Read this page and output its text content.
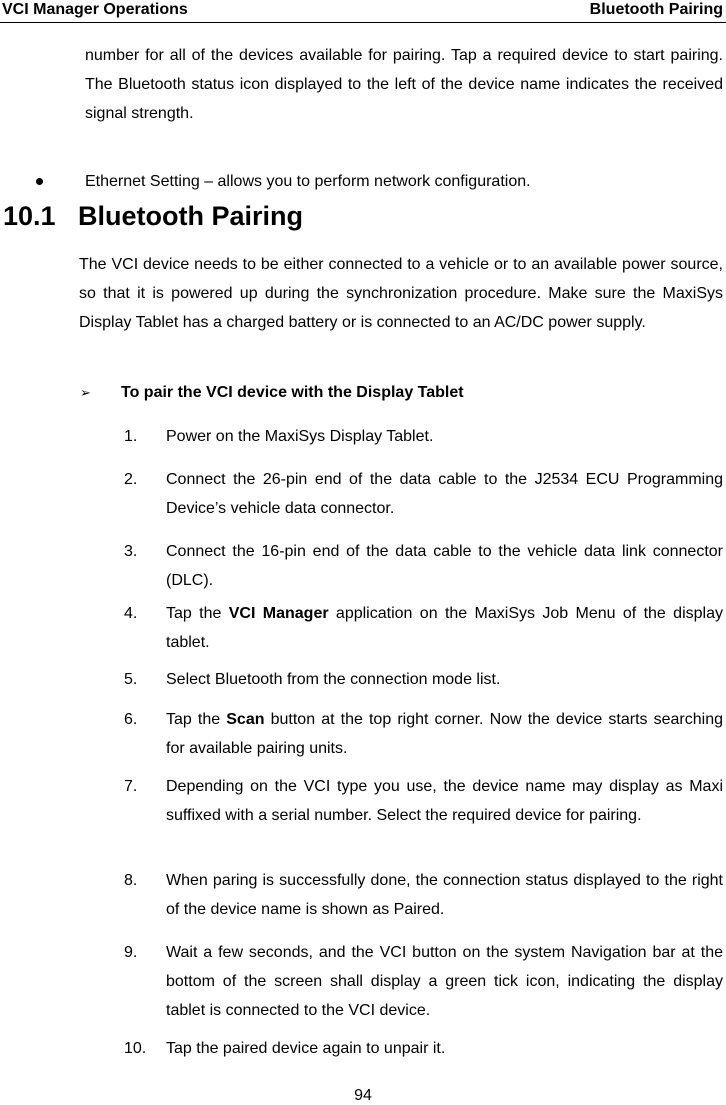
VCI Manager Operations	Bluetooth Pairing
number for all of the devices available for pairing. Tap a required device to start pairing. The Bluetooth status icon displayed to the left of the device name indicates the received signal strength.
Ethernet Setting – allows you to perform network configuration.
10.1 Bluetooth Pairing
The VCI device needs to be either connected to a vehicle or to an available power source, so that it is powered up during the synchronization procedure. Make sure the MaxiSys Display Tablet has a charged battery or is connected to an AC/DC power supply.
➢ To pair the VCI device with the Display Tablet
1. Power on the MaxiSys Display Tablet.
2. Connect the 26-pin end of the data cable to the J2534 ECU Programming Device’s vehicle data connector.
3. Connect the 16-pin end of the data cable to the vehicle data link connector (DLC).
4. Tap the VCI Manager application on the MaxiSys Job Menu of the display tablet.
5. Select Bluetooth from the connection mode list.
6. Tap the Scan button at the top right corner. Now the device starts searching for available pairing units.
7. Depending on the VCI type you use, the device name may display as Maxi suffixed with a serial number. Select the required device for pairing.
8. When paring is successfully done, the connection status displayed to the right of the device name is shown as Paired.
9. Wait a few seconds, and the VCI button on the system Navigation bar at the bottom of the screen shall display a green tick icon, indicating the display tablet is connected to the VCI device.
10. Tap the paired device again to unpair it.
94
